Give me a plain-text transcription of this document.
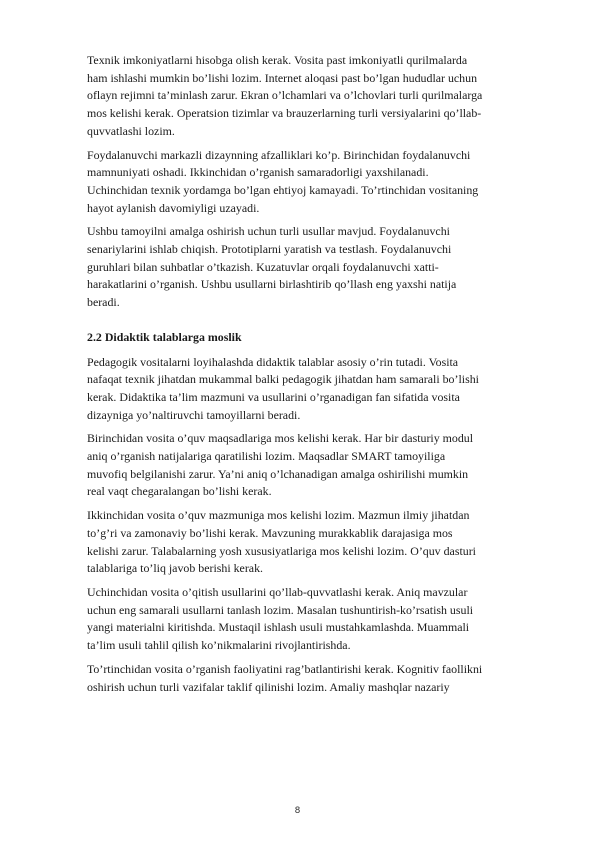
Texnik imkoniyatlarni hisobga olish kerak. Vosita past imkoniyatli qurilmalarda
ham ishlashi mumkin bo’lishi lozim. Internet aloqasi past bo’lgan hududlar uchun
oflayn rejimni ta’minlash zarur. Ekran o’lchamlari va o’lchovlari turli qurilmalarga
mos kelishi kerak. Operatsion tizimlar va brauzerlarning turli versiyalarini qo’llab-
quvvatlashi lozim.

Foydalanuvchi markazli dizaynning afzalliklari ko’p. Birinchidan foydalanuvchi
mamnuniyati oshadi. Ikkinchidan o’rganish samaradorligi yaxshilanadi.
Uchinchidan texnik yordamga bo’lgan ehtiyoj kamayadi. To’rtinchidan vositaning
hayot aylanish davomiyligi uzayadi.

Ushbu tamoyilni amalga oshirish uchun turli usullar mavjud. Foydalanuvchi
senariylarini ishlab chiqish. Prototiplarni yaratish va testlash. Foydalanuvchi
guruhlari bilan suhbatlar o’tkazish. Kuzatuvlar orqali foydalanuvchi xatti-
harakatlarini o’rganish. Ushbu usullarni birlashtirib qo’llash eng yaxshi natija
beradi.

2.2 Didaktik talablarga moslik

Pedagogik vositalarni loyihalashda didaktik talablar asosiy o’rin tutadi. Vosita
nafaqat texnik jihatdan mukammal balki pedagogik jihatdan ham samarali bo’lishi
kerak. Didaktika ta’lim mazmuni va usullarini o’rganadigan fan sifatida vosita
dizayniga yo’naltiruvchi tamoyillarni beradi.

Birinchidan vosita o’quv maqsadlariga mos kelishi kerak. Har bir dasturiy modul
aniq o’rganish natijalariga qaratilishi lozim. Maqsadlar SMART tamoyiliga
muvofiq belgilanishi zarur. Ya’ni aniq o’lchanadigan amalga oshirilishi mumkin
real vaqt chegaralangan bo’lishi kerak.

Ikkinchidan vosita o’quv mazmuniga mos kelishi lozim. Mazmun ilmiy jihatdan
to’g’ri va zamonaviy bo’lishi kerak. Mavzuning murakkablik darajasiga mos
kelishi zarur. Talabalarning yosh xususiyatlariga mos kelishi lozim. O’quv dasturi
talablariga to’liq javob berishi kerak.

Uchinchidan vosita o’qitish usullarini qo’llab-quvvatlashi kerak. Aniq mavzular
uchun eng samarali usullarni tanlash lozim. Masalan tushuntirish-ko’rsatish usuli
yangi materialni kiritishda. Mustaqil ishlash usuli mustahkamlashda. Muammali
ta’lim usuli tahlil qilish ko’nikmalarini rivojlantirishda.

To’rtinchidan vosita o’rganish faoliyatini rag’batlantirishi kerak. Kognitiv faollikni
oshirish uchun turli vazifalar taklif qilinishi lozim. Amaliy mashqlar nazariy

8
